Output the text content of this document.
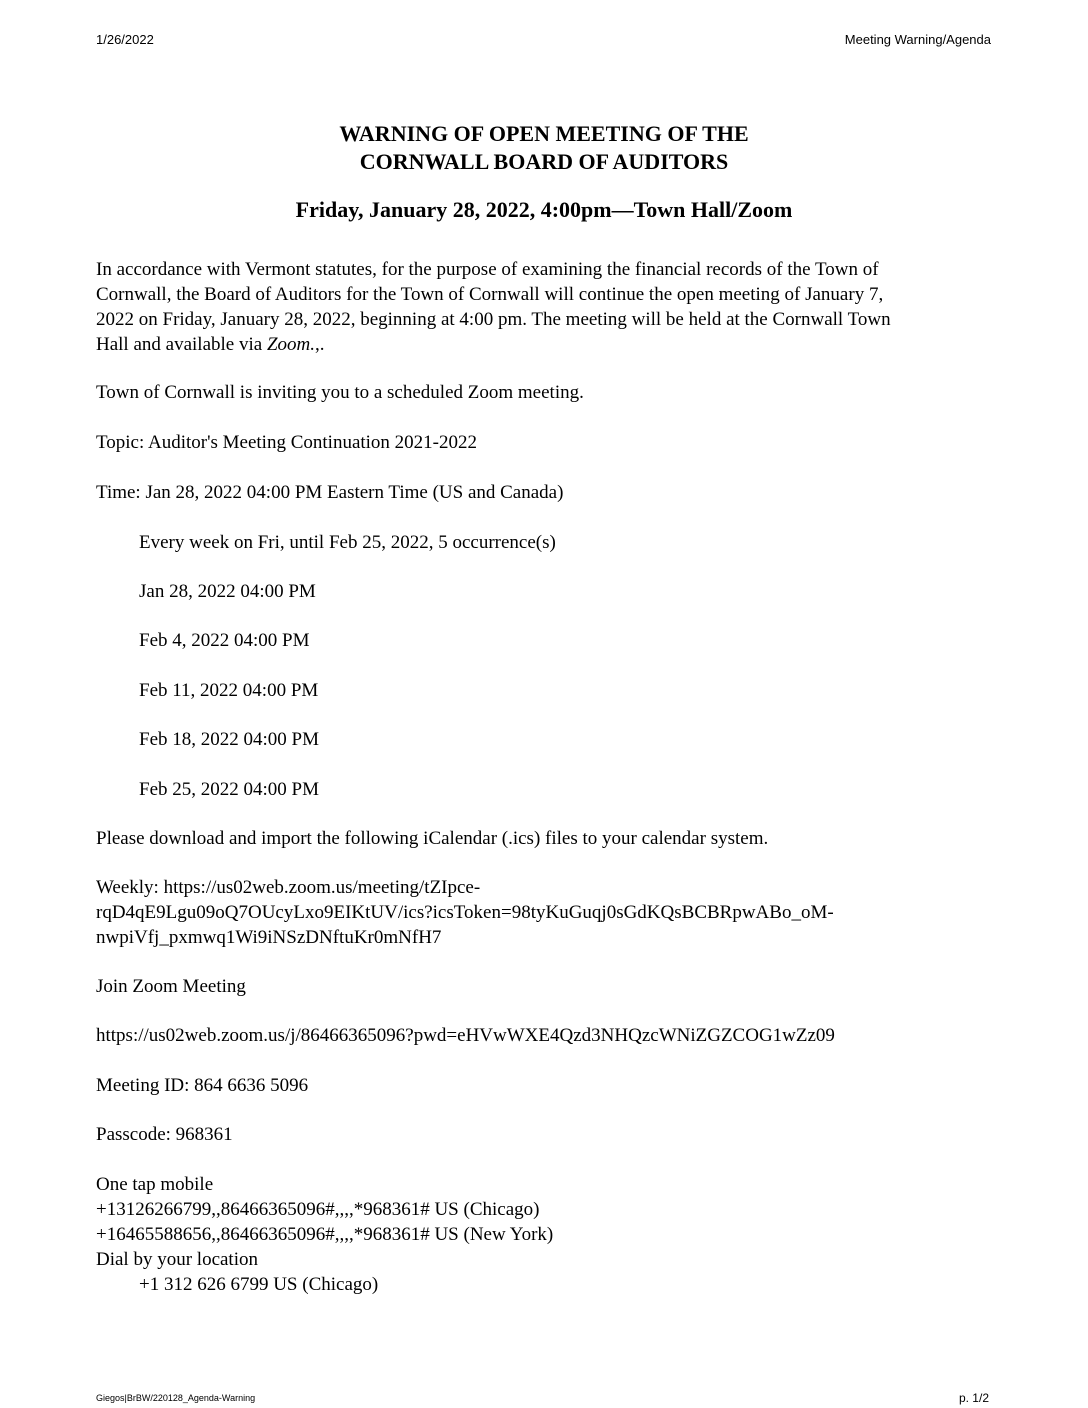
1/26/2022	Meeting Warning/Agenda
WARNING OF OPEN MEETING OF THE
CORNWALL BOARD OF AUDITORS
Friday, January 28, 2022, 4:00pm—Town Hall/Zoom
In accordance with Vermont statutes, for the purpose of examining the financial records of the Town of
Cornwall, the Board of Auditors for the Town of Cornwall will continue the open meeting of January 7,
2022 on Friday, January 28, 2022, beginning at 4:00 pm. The meeting will be held at the Cornwall Town
Hall and available via Zoom.,.
Town of Cornwall is inviting you to a scheduled Zoom meeting.
Topic: Auditor's Meeting Continuation 2021-2022
Time: Jan 28, 2022 04:00 PM Eastern Time (US and Canada)
Every week on Fri, until Feb 25, 2022, 5 occurrence(s)
Jan 28, 2022 04:00 PM
Feb 4, 2022 04:00 PM
Feb 11, 2022 04:00 PM
Feb 18, 2022 04:00 PM
Feb 25, 2022 04:00 PM
Please download and import the following iCalendar (.ics) files to your calendar system.
Weekly: https://us02web.zoom.us/meeting/tZIpce-
rqD4qE9Lgu09oQ7OUcyLxo9EIKtUV/ics?icsToken=98tyKuGuqj0sGdKQsBCBRpwABo_oM-
nwpiVfj_pxmwq1Wi9iNSzDNftuKr0mNfH7
Join Zoom Meeting
https://us02web.zoom.us/j/86466365096?pwd=eHVwWXE4Qzd3NHQzcWNiZGZCOG1wZz09
Meeting ID: 864 6636 5096
Passcode: 968361
One tap mobile
+13126266799,,86466365096#,,,,*968361# US (Chicago)
+16465588656,,86466365096#,,,,*968361# US (New York)
Dial by your location
+1 312 626 6799 US (Chicago)
Giegos|BrBW/220128_Agenda-Warning	p. 1/2
